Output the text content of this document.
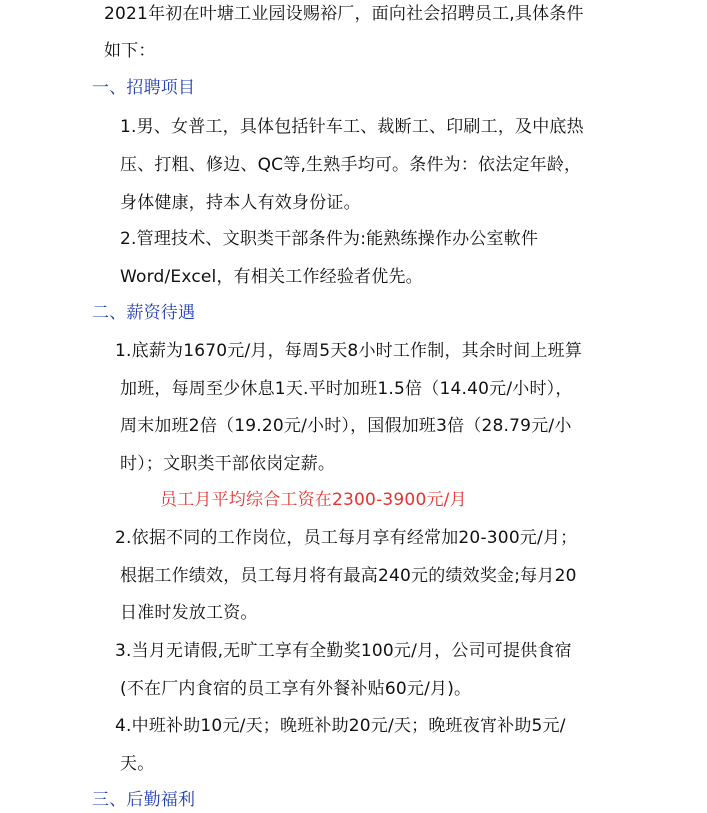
2021年初在叶塘工业园设赐裕厂，面向社会招聘员工,具体条件
如下：
一、招聘项目
1.男、女普工，具体包括针车工、裁断工、印刷工，及中底热
压、打粗、修边、QC等,生熟手均可。条件为：依法定年龄，
身体健康，持本人有效身份证。
2.管理技术、文职类干部条件为:能熟练操作办公室軟件
Word/Excel，有相关工作经验者优先。
二、薪资待遇
1.底薪为1670元/月，每周5天8小时工作制，其余时间上班算
加班，每周至少休息1天.平时加班1.5倍（14.40元/小时），
周末加班2倍（19.20元/小时），国假加班3倍（28.79元/小
时）；文职类干部依岗定薪。
员工月平均综合工资在2300-3900元/月
2.依据不同的工作岗位，员工每月享有经常加20-300元/月；
根据工作绩效，员工每月将有最高240元的绩效奖金;每月20
日准时发放工资。
3.当月无请假,无旷工享有全勤奖100元/月，公司可提供食宿
(不在厂内食宿的员工享有外餐补贴60元/月)。
4.中班补助10元/天；晚班补助20元/天；晚班夜宵补助5元/
天。
三、后勤福利
